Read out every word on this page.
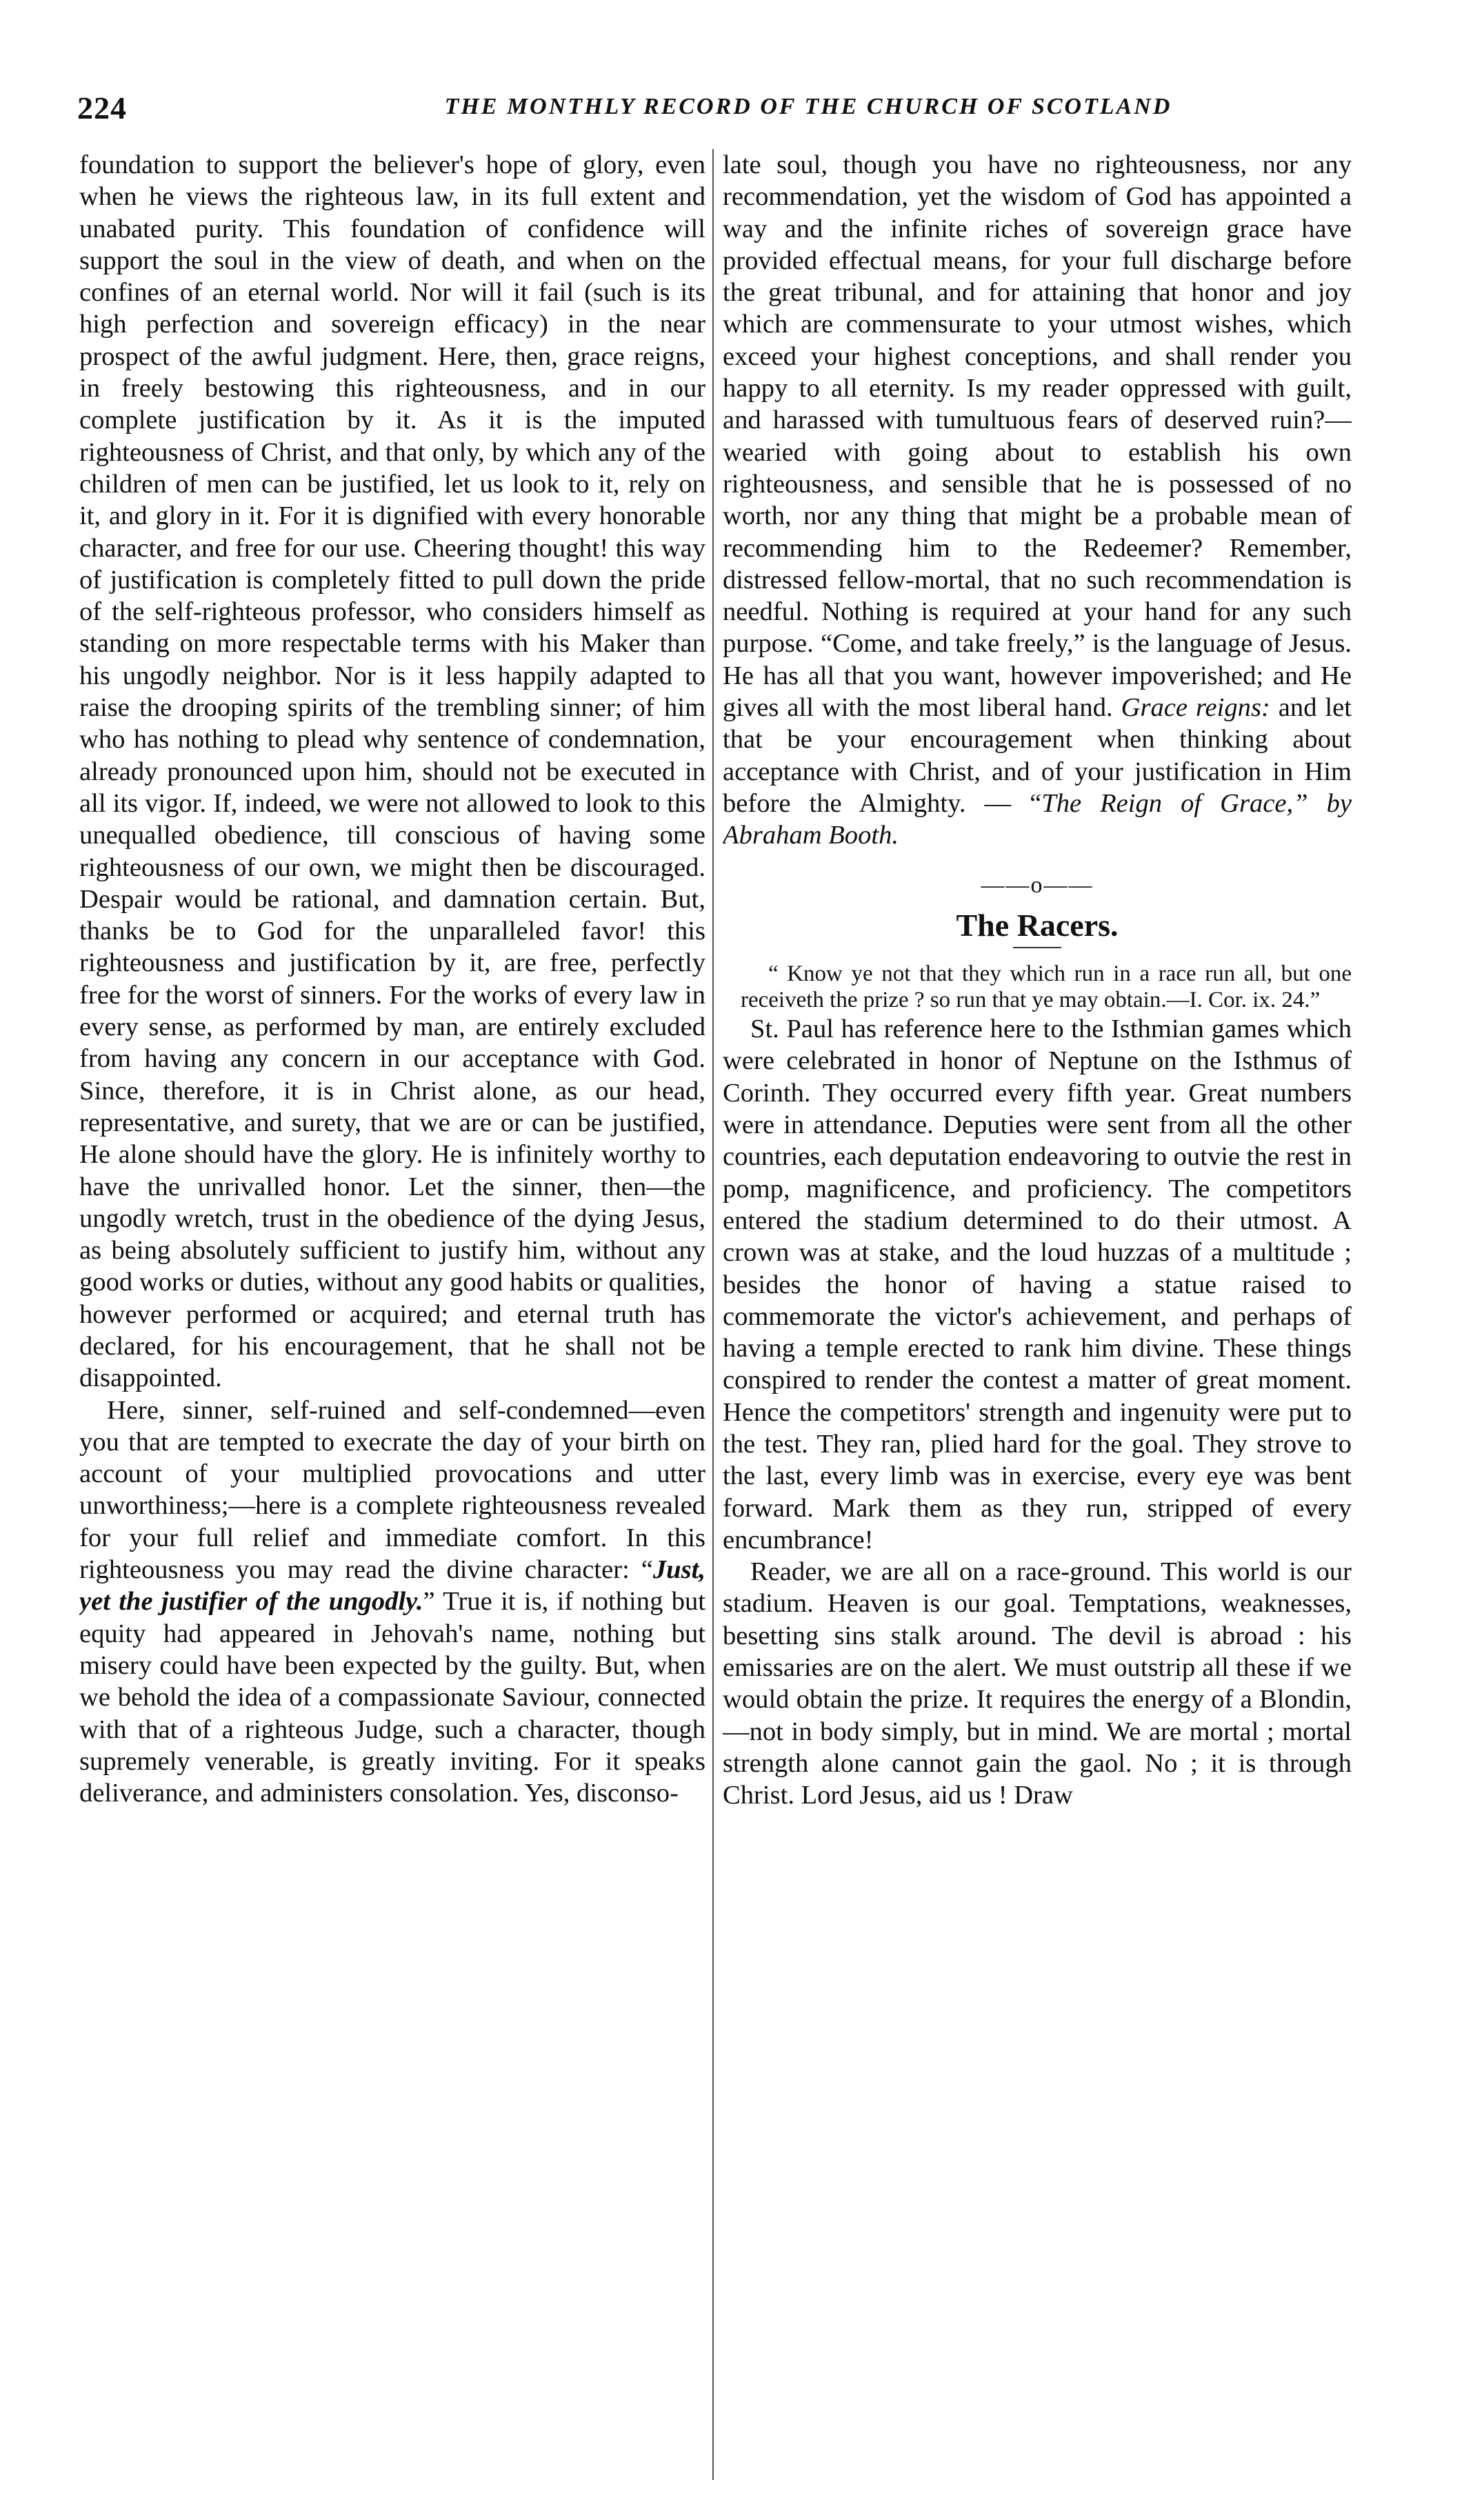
224	THE MONTHLY RECORD OF THE CHURCH OF SCOTLAND

foundation to support the believer's hope of glory, even when he views the righteous law, in its full extent and unabated purity. This foundation of confidence will support the soul in the view of death, and when on the confines of an eternal world. Nor will it fail (such is its high perfection and sovereign efficacy) in the near prospect of the awful judgment. Here, then, grace reigns, in freely bestowing this righteousness, and in our complete justification by it. As it is the imputed righteousness of Christ, and that only, by which any of the children of men can be justified, let us look to it, rely on it, and glory in it. For it is dignified with every honorable character, and free for our use. Cheering thought! this way of justification is completely fitted to pull down the pride of the self-righteous professor, who considers himself as standing on more respectable terms with his Maker than his ungodly neighbor. Nor is it less happily adapted to raise the drooping spirits of the trembling sinner; of him who has nothing to plead why sentence of condemnation, already pronounced upon him, should not be executed in all its vigor. If, indeed, we were not allowed to look to this unequalled obedience, till conscious of having some righteousness of our own, we might then be discouraged. Despair would be rational, and damnation certain. But, thanks be to God for the unparalleled favor! this righteousness and justification by it, are free, perfectly free for the worst of sinners. For the works of every law in every sense, as performed by man, are entirely excluded from having any concern in our acceptance with God. Since, therefore, it is in Christ alone, as our head, representative, and surety, that we are or can be justified, He alone should have the glory. He is infinitely worthy to have the unrivalled honor. Let the sinner, then—the ungodly wretch, trust in the obedience of the dying Jesus, as being absolutely sufficient to justify him, without any good works or duties, without any good habits or qualities, however performed or acquired; and eternal truth has declared, for his encouragement, that he shall not be disappointed.

Here, sinner, self-ruined and self-condemned—even you that are tempted to execrate the day of your birth on account of your multiplied provocations and utter unworthiness;—here is a complete righteousness revealed for your full relief and immediate comfort. In this righteousness you may read the divine character: “Just, yet the justifier of the ungodly.” True it is, if nothing but equity had appeared in Jehovah's name, nothing but misery could have been expected by the guilty. But, when we behold the idea of a compassionate Saviour, connected with that of a righteous Judge, such a character, though supremely venerable, is greatly inviting. For it speaks deliverance, and administers consolation. Yes, disconso-

late soul, though you have no righteousness, nor any recommendation, yet the wisdom of God has appointed a way and the infinite riches of sovereign grace have provided effectual means, for your full discharge before the great tribunal, and for attaining that honor and joy which are commensurate to your utmost wishes, which exceed your highest conceptions, and shall render you happy to all eternity. Is my reader oppressed with guilt, and harassed with tumultuous fears of deserved ruin?—wearied with going about to establish his own righteousness, and sensible that he is possessed of no worth, nor any thing that might be a probable mean of recommending him to the Redeemer? Remember, distressed fellow-mortal, that no such recommendation is needful. Nothing is required at your hand for any such purpose. “Come, and take freely,” is the language of Jesus. He has all that you want, however impoverished; and He gives all with the most liberal hand. Grace reigns: and let that be your encouragement when thinking about acceptance with Christ, and of your justification in Him before the Almighty. — “The Reign of Grace,” by Abraham Booth.

——o——
The Racers.

“ Know ye not that they which run in a race run all, but one receiveth the prize ? so run that ye may obtain.—I. Cor. ix. 24.”

St. Paul has reference here to the Isthmian games which were celebrated in honor of Neptune on the Isthmus of Corinth. They occurred every fifth year. Great numbers were in attendance. Deputies were sent from all the other countries, each deputation endeavoring to outvie the rest in pomp, magnificence, and proficiency. The competitors entered the stadium determined to do their utmost. A crown was at stake, and the loud huzzas of a multitude ; besides the honor of having a statue raised to commemorate the victor's achievement, and perhaps of having a temple erected to rank him divine. These things conspired to render the contest a matter of great moment. Hence the competitors' strength and ingenuity were put to the test. They ran, plied hard for the goal. They strove to the last, every limb was in exercise, every eye was bent forward. Mark them as they run, stripped of every encumbrance!

Reader, we are all on a race-ground. This world is our stadium. Heaven is our goal. Temptations, weaknesses, besetting sins stalk around. The devil is abroad : his emissaries are on the alert. We must outstrip all these if we would obtain the prize. It requires the energy of a Blondin,—not in body simply, but in mind. We are mortal ; mortal strength alone cannot gain the gaol. No ; it is through Christ. Lord Jesus, aid us ! Draw
